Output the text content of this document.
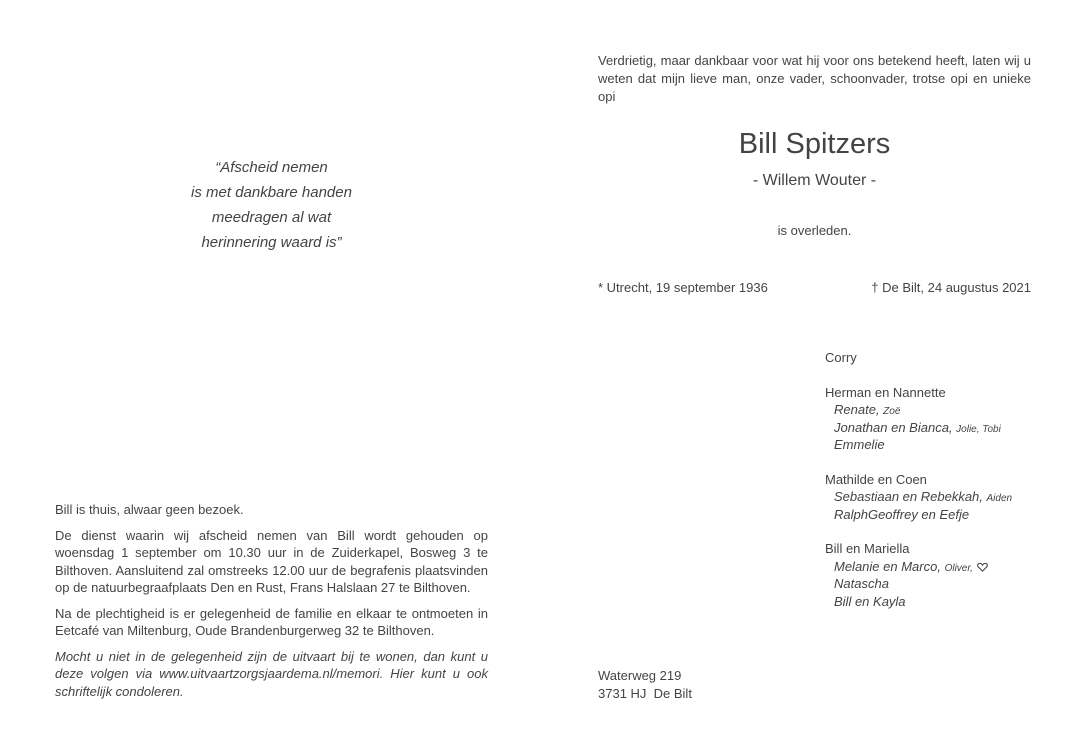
“Afscheid nemen
is met dankbare handen
meedragen al wat
herinnering waard is”
Verdrietig, maar dankbaar voor wat hij voor ons betekend heeft, laten wij u weten dat mijn lieve man, onze vader, schoonvader, trotse opi en unieke opi
Bill Spitzers
- Willem Wouter -
is overleden.
* Utrecht, 19 september 1936	† De Bilt, 24 augustus 2021
Corry
Herman en Nannette
Renate, Zoë
Jonathan en Bianca, Jolie, Tobi
Emmelie
Mathilde en Coen
Sebastiaan en Rebekkah, Aiden
RalphGeoffrey en Eefje
Bill en Mariella
Melanie en Marco, Oliver,
Natascha
Bill en Kayla

Bill is thuis, alwaar geen bezoek.

De dienst waarin wij afscheid nemen van Bill wordt gehouden op woensdag 1 september om 10.30 uur in de Zuiderkapel, Bosweg 3 te Bilthoven. Aansluitend zal omstreeks 12.00 uur de begrafenis plaatsvinden op de natuurbegraafplaats Den en Rust, Frans Halslaan 27 te Bilthoven.

Na de plechtigheid is er gelegenheid de familie en elkaar te ontmoeten in Eetcafé van Miltenburg, Oude Brandenburgerweg 32 te Bilthoven.

Mocht u niet in de gelegenheid zijn de uitvaart bij te wonen, dan kunt u deze volgen via www.uitvaartzorgsjaardema.nl/memori. Hier kunt u ook schriftelijk condoleren.

Waterweg 219
3731 HJ  De Bilt
